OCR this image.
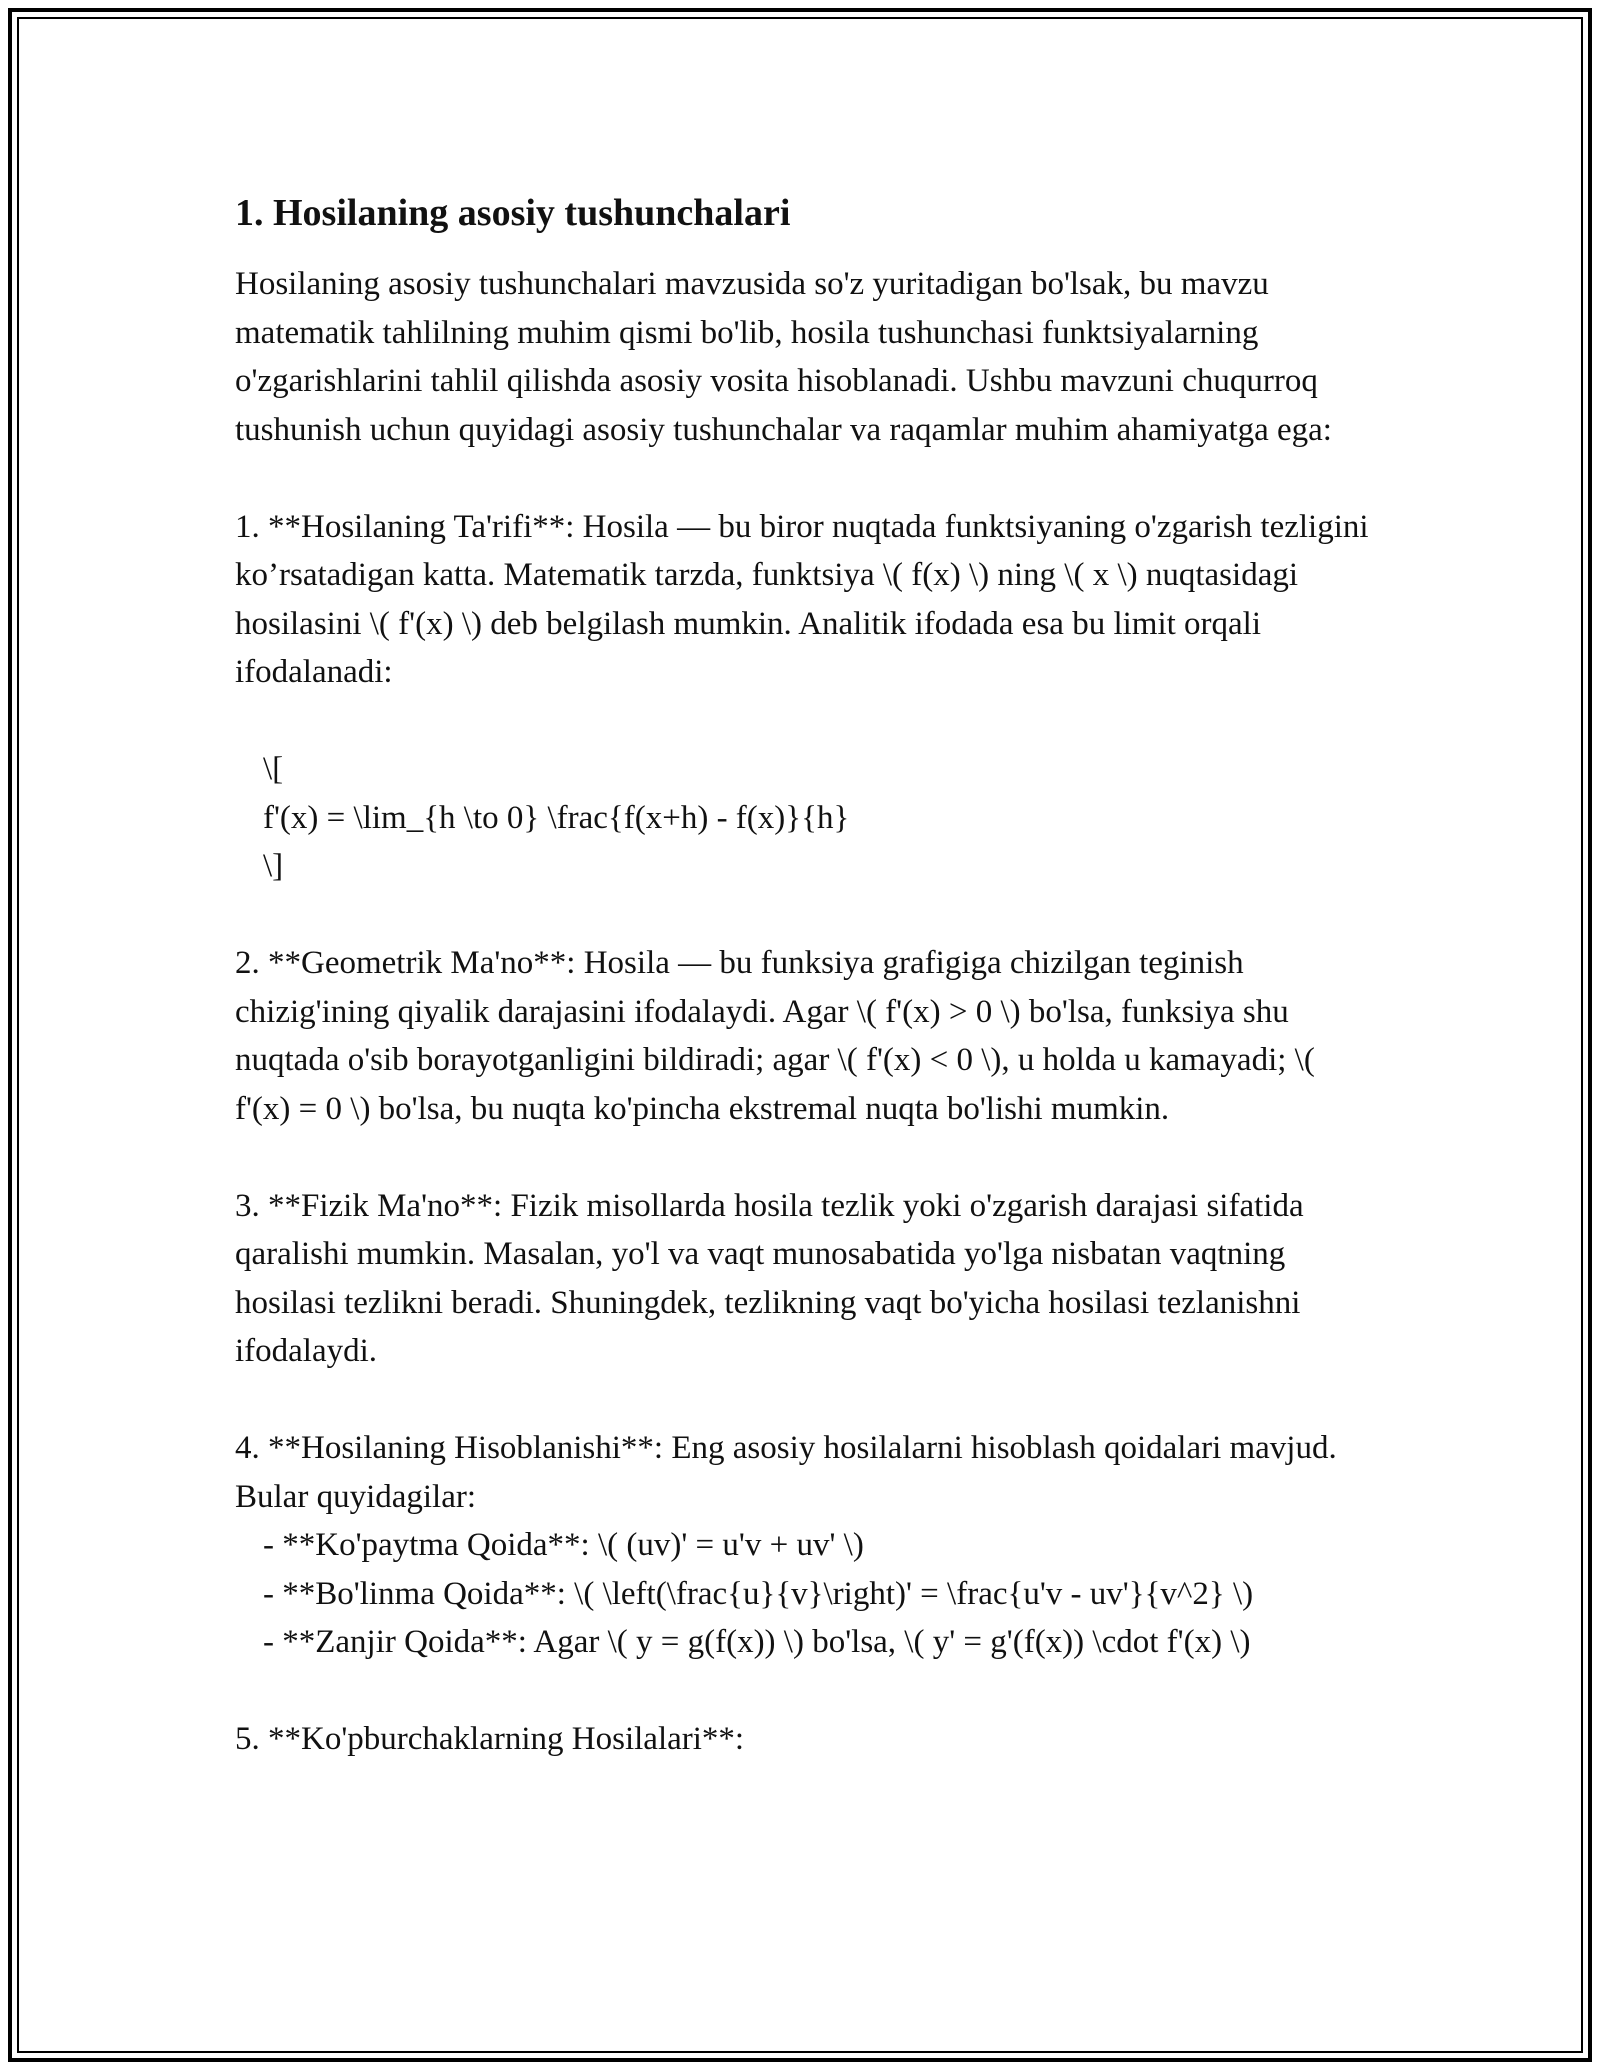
1. Hosilaning asosiy tushunchalari

Hosilaning asosiy tushunchalari mavzusida so'z yuritadigan bo'lsak, bu mavzu matematik tahlilning muhim qismi bo'lib, hosila tushunchasi funktsiyalarning o'zgarishlarini tahlil qilishda asosiy vosita hisoblanadi. Ushbu mavzuni chuqurroq tushunish uchun quyidagi asosiy tushunchalar va raqamlar muhim ahamiyatga ega:

1. **Hosilaning Ta'rifi**: Hosila — bu biror nuqtada funktsiyaning o'zgarish tezligini ko’rsatadigan katta. Matematik tarzda, funktsiya \( f(x) \) ning \( x \) nuqtasidagi hosilasini \( f'(x) \) deb belgilash mumkin. Analitik ifodada esa bu limit orqali ifodalanadi:

\[
f'(x) = \lim_{h \to 0} \frac{f(x+h) - f(x)}{h}
\]

2. **Geometrik Ma'no**: Hosila — bu funksiya grafigiga chizilgan teginish chizig'ining qiyalik darajasini ifodalaydi. Agar \( f'(x) > 0 \) bo'lsa, funksiya shu nuqtada o'sib borayotganligini bildiradi; agar \( f'(x) < 0 \), u holda u kamayadi; \( f'(x) = 0 \) bo'lsa, bu nuqta ko'pincha ekstremal nuqta bo'lishi mumkin.

3. **Fizik Ma'no**: Fizik misollarda hosila tezlik yoki o'zgarish darajasi sifatida qaralishi mumkin. Masalan, yo'l va vaqt munosabatida yo'lga nisbatan vaqtning hosilasi tezlikni beradi. Shuningdek, tezlikning vaqt bo'yicha hosilasi tezlanishni ifodalaydi.

4. **Hosilaning Hisoblanishi**: Eng asosiy hosilalarni hisoblash qoidalari mavjud. Bular quyidagilar:

- **Ko'paytma Qoida**: \( (uv)' = u'v + uv' \)

- **Bo'linma Qoida**: \( \left(\frac{u}{v}\right)' = \frac{u'v - uv'}{v^2} \)

- **Zanjir Qoida**: Agar \( y = g(f(x)) \) bo'lsa, \( y' = g'(f(x)) \cdot f'(x) \)

5. **Ko'pburchaklarning Hosilalari**:
